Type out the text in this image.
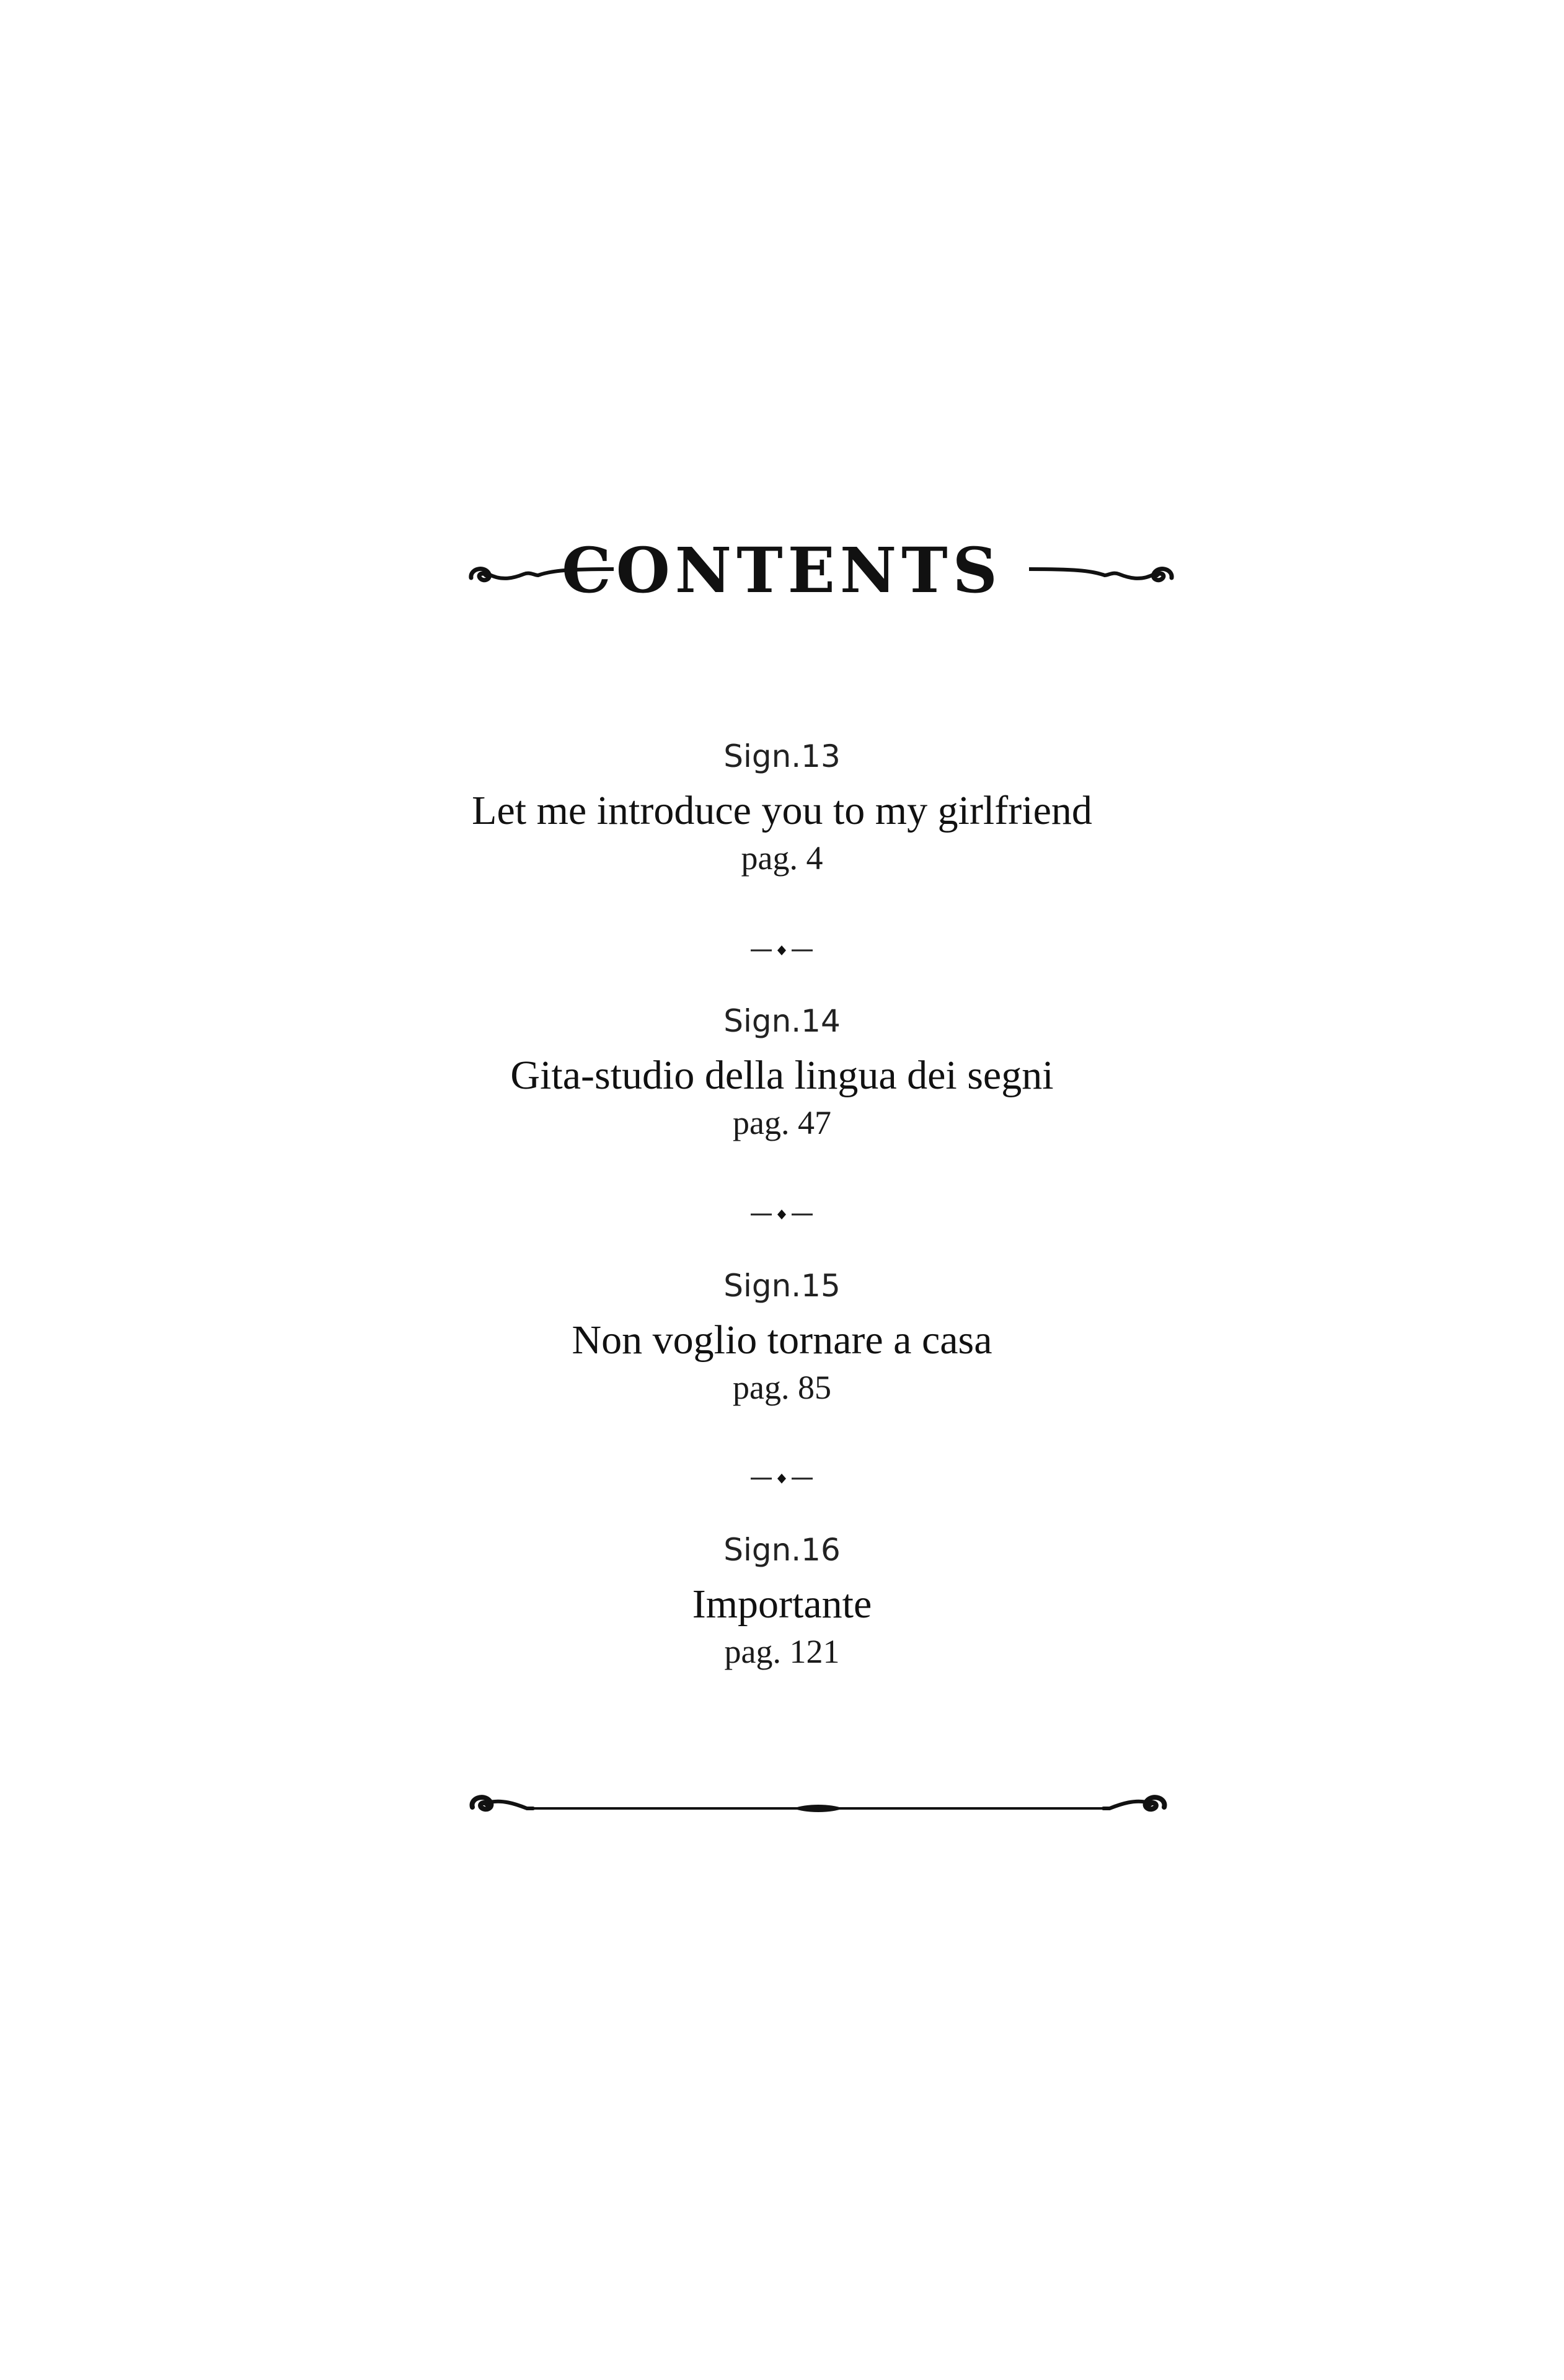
CONTENTS
Sign.13
Let me introduce you to my girlfriend
pag. 4
Sign.14
Gita-studio della lingua dei segni
pag. 47
Sign.15
Non voglio tornare a casa
pag. 85
Sign.16
Importante
pag. 121
